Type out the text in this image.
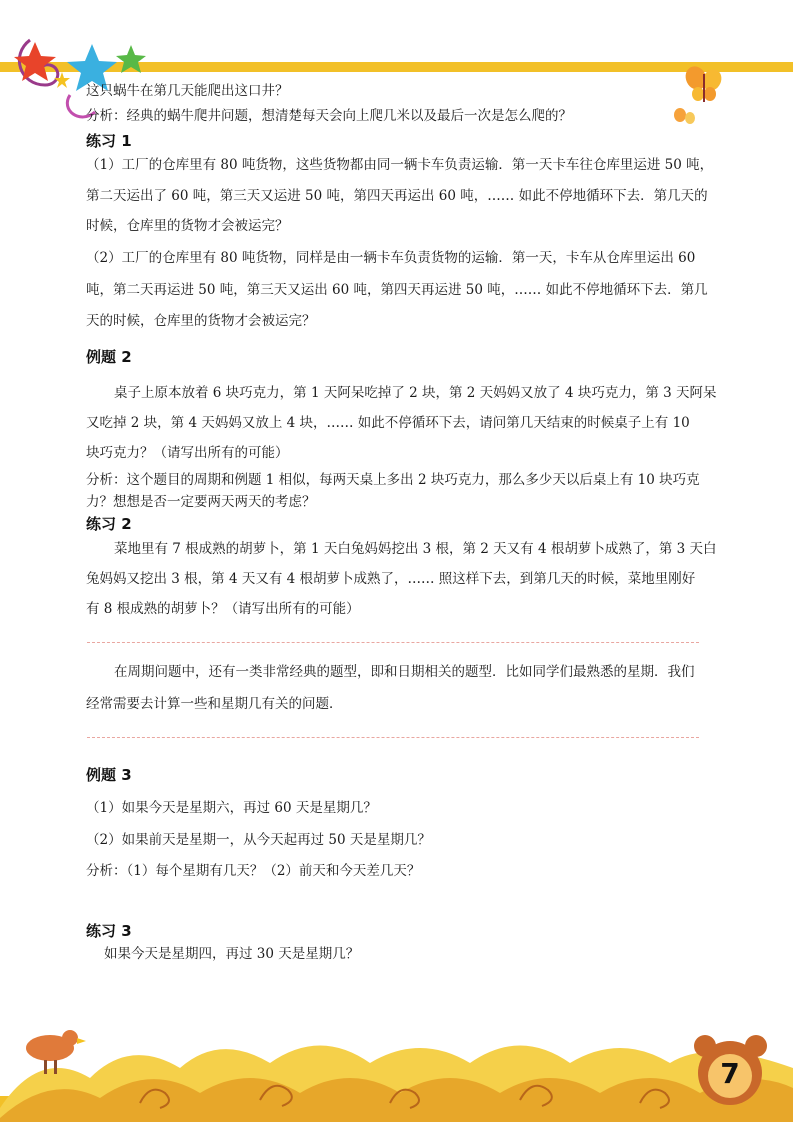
这只蜗牛在第几天能爬出这口井？
分析：经典的蜗牛爬井问题，想清楚每天会向上爬几米以及最后一次是怎么爬的？
练习 1
（1）工厂的仓库里有 80 吨货物，这些货物都由同一辆卡车负责运输．第一天卡车往仓库里运进 50 吨，
第二天运出了 60 吨，第三天又运进 50 吨，第四天再运出 60 吨，…… 如此不停地循环下去．第几天的
时候，仓库里的货物才会被运完？
（2）工厂的仓库里有 80 吨货物，同样是由一辆卡车负责货物的运输．第一天，卡车从仓库里运出 60
吨，第二天再运进 50 吨，第三天又运出 60 吨，第四天再运进 50 吨，…… 如此不停地循环下去．第几
天的时候，仓库里的货物才会被运完？
例题 2
桌子上原本放着 6 块巧克力，第 1 天阿呆吃掉了 2 块，第 2 天妈妈又放了 4 块巧克力，第 3 天阿呆
又吃掉 2 块，第 4 天妈妈又放上 4 块，…… 如此不停循环下去，请问第几天结束的时候桌子上有 10
块巧克力？（请写出所有的可能）
分析：这个题目的周期和例题 1 相似，每两天桌上多出 2 块巧克力，那么多少天以后桌上有 10 块巧克
力？想想是否一定要两天两天的考虑？
练习 2
菜地里有 7 根成熟的胡萝卜，第 1 天白兔妈妈挖出 3 根，第 2 天又有 4 根胡萝卜成熟了，第 3 天白
兔妈妈又挖出 3 根，第 4 天又有 4 根胡萝卜成熟了，…… 照这样下去，到第几天的时候，菜地里刚好
有 8 根成熟的胡萝卜？（请写出所有的可能）
在周期问题中，还有一类非常经典的题型，即和日期相关的题型．比如同学们最熟悉的星期．我们
经常需要去计算一些和星期几有关的问题．
例题 3
（1）如果今天是星期六，再过 60 天是星期几？
（2）如果前天是星期一，从今天起再过 50 天是星期几？
分析：（1）每个星期有几天？（2）前天和今天差几天？
练习 3
如果今天是星期四，再过 30 天是星期几？
7
